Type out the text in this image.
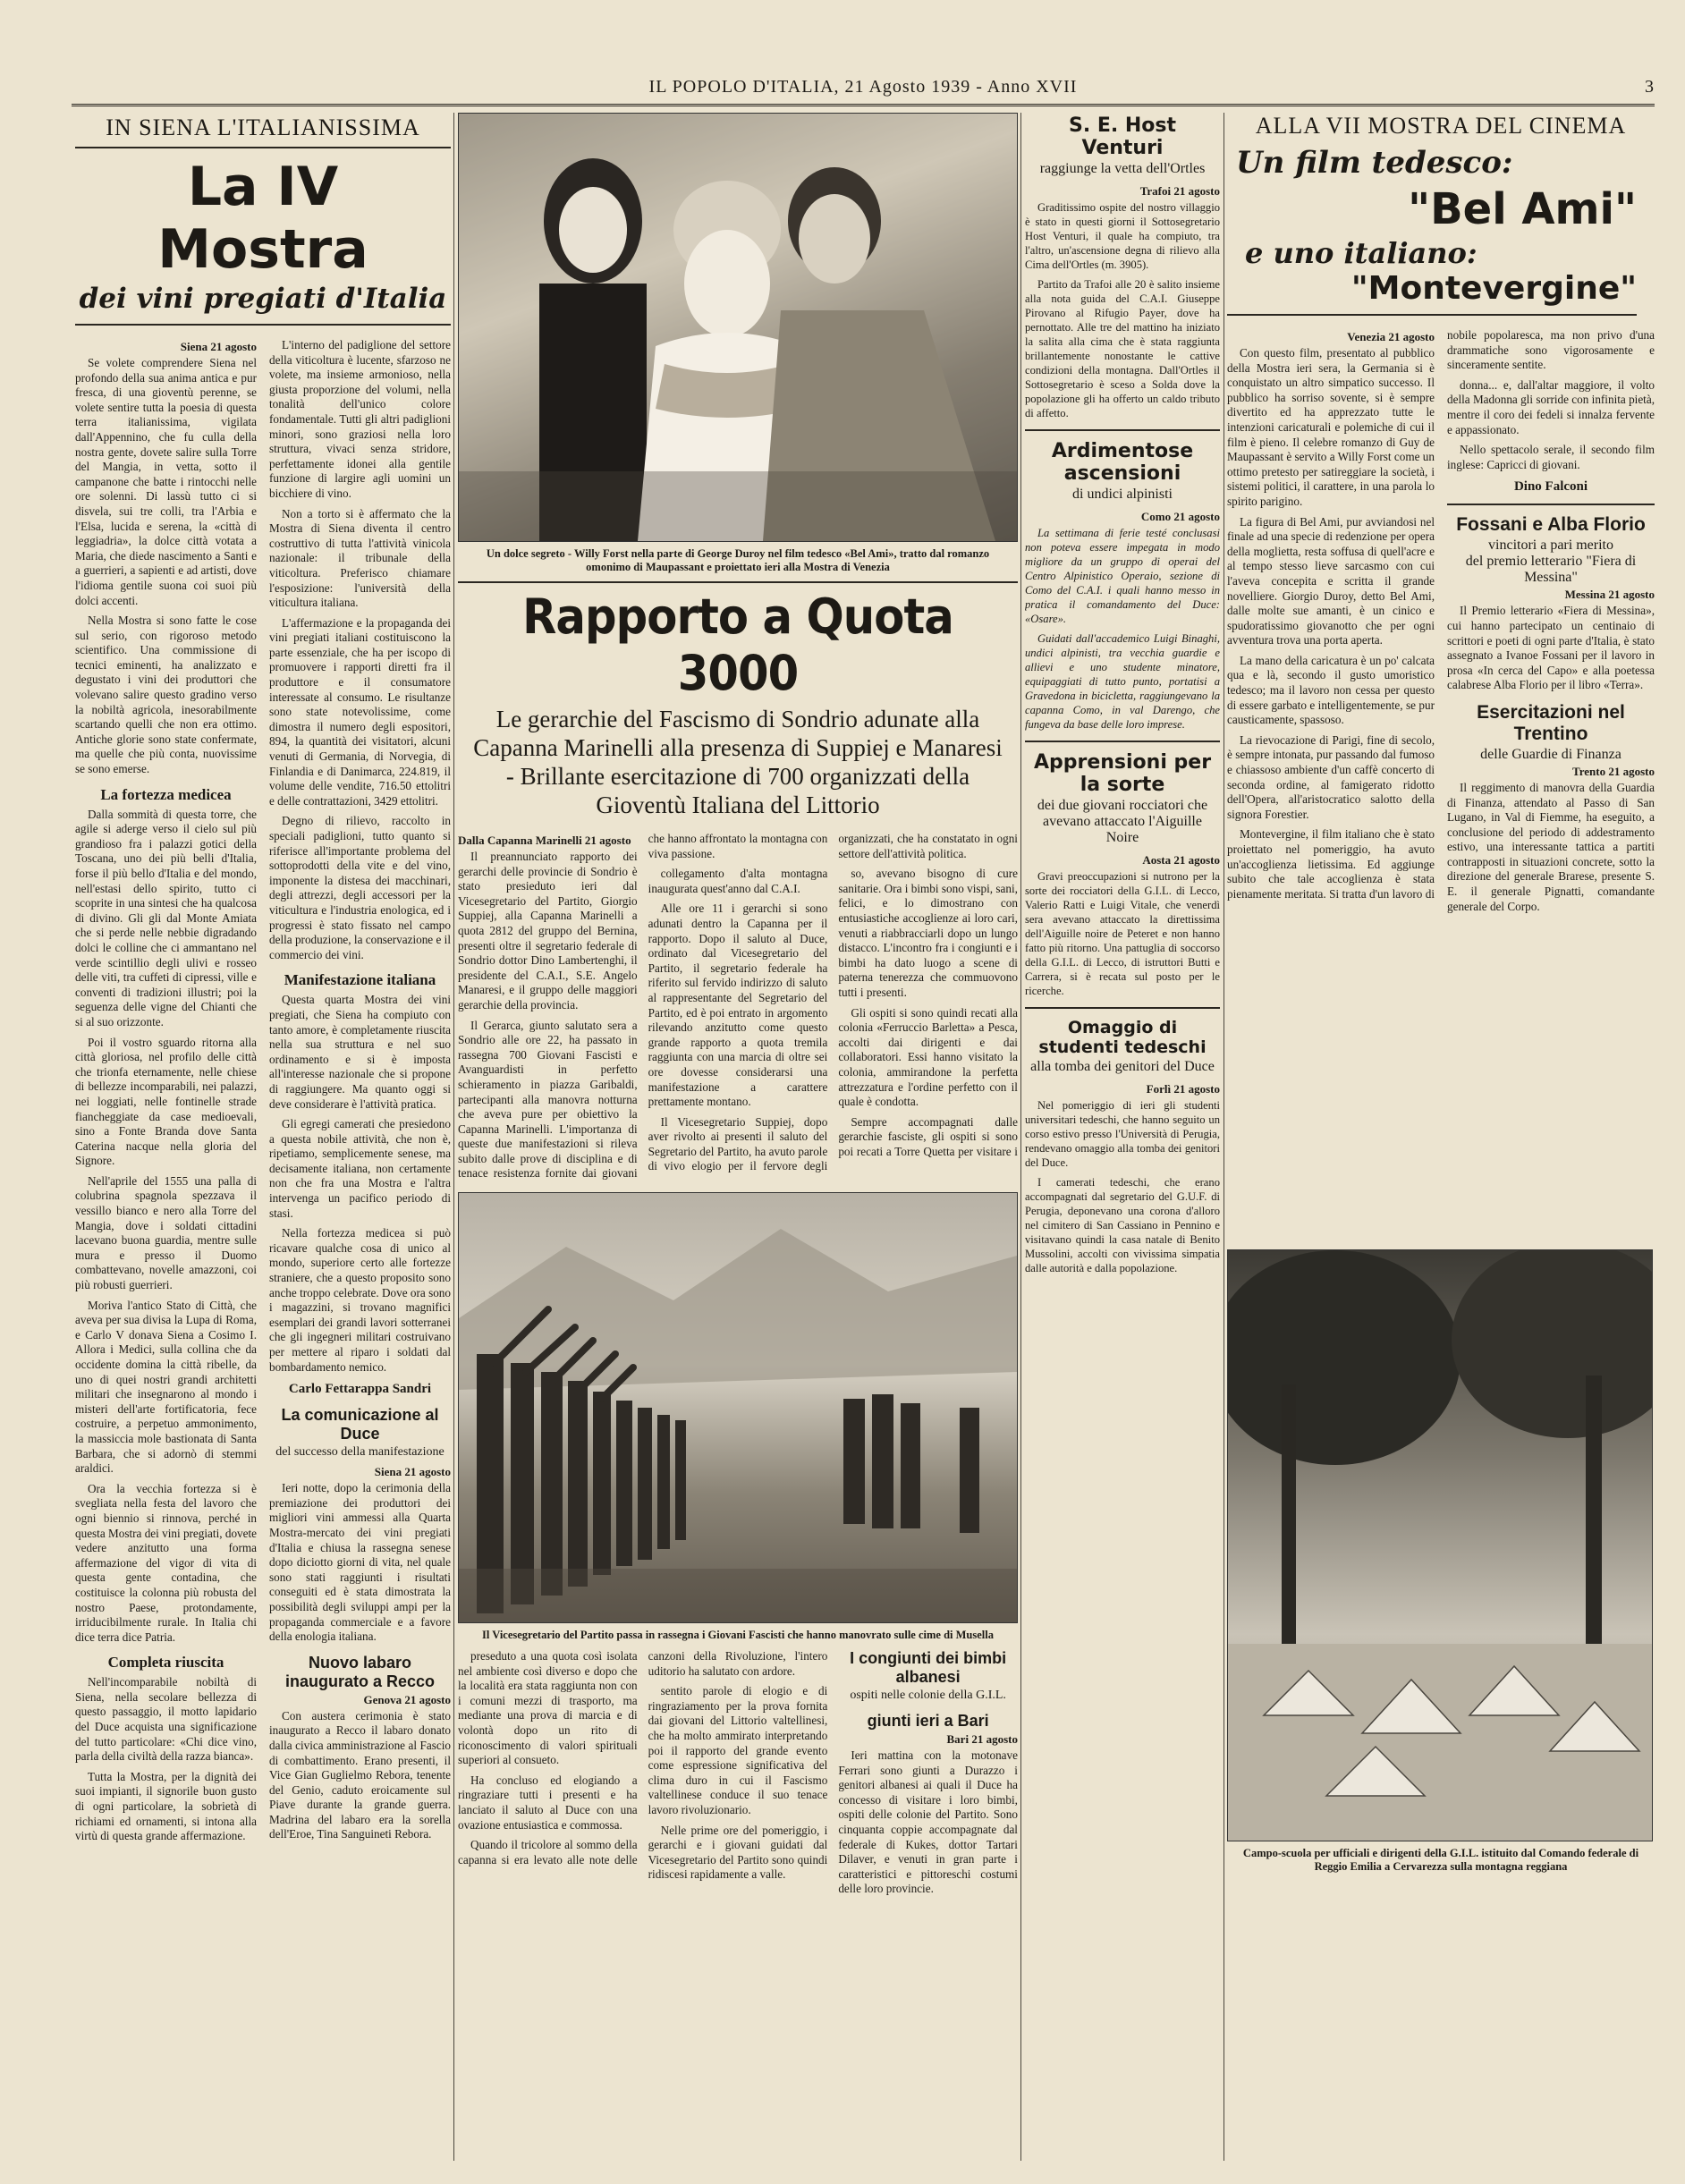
IL POPOLO D'ITALIA, 21 Agosto 1939 - Anno XVII	3
IN SIENA L'ITALIANISSIMA
La IV Mostra
dei vini pregiati d'Italia
Siena 21 agosto

Se volete comprendere Siena nel profondo della sua anima antica e pur fresca, di una gioventù perenne, se volete sentire tutta la poesia di questa terra italianissima, vigilata dall'Appennino, che fu culla della nostra gente, dovete salire sulla Torre del Mangia, in vetta, sotto il campanone che batte i rintocchi nelle ore solenni. Di lassù tutto ci si disvela, sui tre colli, tra l'Arbia e l'Elsa, lucida e serena, la «città di leggiadria», la dolce città votata a Maria, che diede nascimento a Santi e a guerrieri, a sapienti e ad artisti, dove l'idioma gentile suona coi suoi più dolci accenti.

Nella Mostra si sono fatte le cose sul serio, con rigoroso metodo scientifico. Una commissione di tecnici eminenti, ha analizzato e degustato i vini dei produttori che volevano salire questo gradino verso la nobiltà agricola, inesorabilmente scartando quelli che non era ottimo. Antiche glorie sono state confermate, ma quelle che più conta, nuovissime se sono emerse.

La fortezza medicea

Dalla sommità di questa torre, che agile si aderge verso il cielo sul più grandioso fra i palazzi gotici della Toscana, uno dei più belli d'Italia, forse il più bello d'Italia e del mondo, nell'estasi dello spirito, tutto ci scoprite in una sintesi che ha qualcosa di divino. Gli gli dal Monte Amiata che si perde nelle nebbie digradando dolci le colline che ci ammantano nel verde scintillio degli ulivi e rosseo delle viti, tra cuffeti di cipressi, ville e conventi di tradizioni illustri; poi la seguenza delle vigne del Chianti che si al suo orizzonte.

Poi il vostro sguardo ritorna alla città gloriosa, nel profilo delle città che trionfa eternamente, nelle chiese di bellezze incomparabili, nei palazzi, nei loggiati, nelle fontinelle strade fiancheggiate da case medioevali, sino a Fonte Branda dove Santa Caterina nacque nella gloria del Signore.

Nell'aprile del 1555 una palla di colubrina spagnola spezzava il vessillo bianco e nero alla Torre del Mangia, dove i soldati cittadini lacevano buona guardia, mentre sulle mura e presso il Duomo combattevano, novelle amazzoni, coi più robusti guerrieri.

Moriva l'antico Stato di Città, che aveva per sua divisa la Lupa di Roma, e Carlo V donava Siena a Cosimo I. Allora i Medici, sulla collina che da occidente domina la città ribelle, da uno di quei nostri grandi architetti militari che insegnarono al mondo i misteri dell'arte fortificatoria, fece costruire, a perpetuo ammonimento, la massiccia mole bastionata di Santa Barbara, che si adornò di stemmi araldici.

Ora la vecchia fortezza si è svegliata nella festa del lavoro che ogni biennio si rinnova, perché in questa Mostra dei vini pregiati, dovete vedere anzitutto una forma affermazione del vigor di vita di questa gente contadina, che costituisce la colonna più robusta del nostro Paese, protondamente, irriducibilmente rurale. In Italia chi dice terra dice Patria.

Completa riuscita

Nell'incomparabile nobiltà di Siena, nella secolare bellezza di questo passaggio, il motto lapidario del Duce acquista una significazione del tutto particolare: «Chi dice vino, parla della civiltà della razza bianca».

Tutta la Mostra, per la dignità dei suoi impianti, il signorile buon gusto di ogni particolare, la sobrietà di richiami ed ornamenti, si intona alla virtù di questa grande affermazione.

L'interno del padiglione del settore della viticoltura è lucente, sfarzoso ne volete, ma insieme armonioso, nella giusta proporzione del volumi, nella tonalità dell'unico colore fondamentale. Tutti gli altri padiglioni minori, sono graziosi nella loro struttura, vivaci senza stridore, perfettamente idonei alla gentile funzione di largire agli uomini un bicchiere di vino.

Non a torto si è affermato che la Mostra di Siena diventa il centro costruttivo di tutta l'attività vinicola nazionale: il tribunale della viticoltura. Preferisco chiamare l'esposizione: l'università della viticultura italiana.

L'affermazione e la propaganda dei vini pregiati italiani costituiscono la parte essenziale, che ha per iscopo di promuovere i rapporti diretti fra il produttore e il consumatore interessate al consumo. Le risultanze sono state notevolissime, come dimostra il numero degli espositori, 894, la quantità dei visitatori, alcuni venuti di Germania, di Norvegia, di Finlandia e di Danimarca, 224.819, il volume delle vendite, 716.50 ettolitri e delle contrattazioni, 3429 ettolitri.

Degno di rilievo, raccolto in speciali padiglioni, tutto quanto si riferisce all'importante problema del sottoprodotti della vite e del vino, imponente la distesa dei macchinari, degli attrezzi, degli accessori per la viticultura e l'industria enologica, ed i progressi è stato fissato nel campo della produzione, la conservazione e il commercio dei vini.

Manifestazione italiana

Questa quarta Mostra dei vini pregiati, che Siena ha compiuto con tanto amore, è completamente riuscita nella sua struttura e nel suo ordinamento e si è imposta all'interesse nazionale che si propone di raggiungere. Ma quanto oggi si deve considerare è l'attività pratica.

Gli egregi camerati che presiedono a questa nobile attività, che non è, ripetiamo, semplicemente senese, ma decisamente italiana, non certamente non che fra una Mostra e l'altra intervenga un pacifico periodo di stasi.

Nella fortezza medicea si può ricavare qualche cosa di unico al mondo, superiore certo alle fortezze straniere, che a questo proposito sono anche troppo celebrate. Dove ora sono i magazzini, si trovano magnifici esemplari dei grandi lavori sotterranei che gli ingegneri militari costruivano per mettere al riparo i soldati dal bombardamento nemico.

Carlo Fettarappa Sandri
La comunicazione al Duce
del successo della manifestazione
Siena 21 agosto

Ieri notte, dopo la cerimonia della premiazione dei produttori dei migliori vini ammessi alla Quarta Mostra-mercato dei vini pregiati d'Italia e chiusa la rassegna senese dopo diciotto giorni di vita, nel quale sono stati raggiunti i risultati conseguiti ed è stata dimostrata la possibilità degli sviluppi ampi per la propaganda commerciale e a favore della enologia italiana.

Nuovo labaro inaugurato a Recco
Genova 21 agosto

Con austera cerimonia è stato inaugurato a Recco il labaro donato dalla civica amministrazione al Fascio di combattimento. Erano presenti, il Vice Gian Guglielmo Rebora, tenente del Genio, caduto eroicamente sul Piave durante la grande guerra. Madrina del labaro era la sorella dell'Eroe, Tina Sanguineti Rebora.

Un dolce segreto - Willy Forst nella parte di George Duroy nel film tedesco «Bel Ami», tratto dal romanzo omonimo di Maupassant e proiettato ieri alla Mostra di Venezia
Rapporto a Quota 3000
Le gerarchie del Fascismo di Sondrio adunate alla Capanna Marinelli alla presenza di Suppiej e Manaresi - Brillante esercitazione di 700 organizzati della Gioventù Italiana del Littorio
Dalla Capanna Marinelli 21 agosto

Il preannunciato rapporto dei gerarchi delle provincie di Sondrio è stato presieduto ieri dal Vicesegretario del Partito, Giorgio Suppiej, alla Capanna Marinelli a quota 2812 del gruppo del Bernina, presenti oltre il segretario federale di Sondrio dottor Dino Lambertenghi, il presidente del C.A.I., S.E. Angelo Manaresi, e il gruppo delle maggiori gerarchie della provincia.

Il Gerarca, giunto salutato sera a Sondrio alle ore 22, ha passato in rassegna 700 Giovani Fascisti e Avanguardisti in perfetto schieramento in piazza Garibaldi, partecipanti alla manovra notturna che aveva pure per obiettivo la Capanna Marinelli. L'importanza di queste due manifestazioni si rileva subito dalle prove di disciplina e di tenace resistenza fornite dai giovani che hanno affrontato la montagna con viva passione.

collegamento d'alta montagna inaugurata quest'anno dal C.A.I.

Alle ore 11 i gerarchi si sono adunati dentro la Capanna per il rapporto. Dopo il saluto al Duce, ordinato dal Vicesegretario del Partito, il segretario federale ha riferito sul fervido indirizzo di saluto al rappresentante del Segretario del Partito, ed è poi entrato in argomento rilevando anzitutto come questo grande rapporto a quota tremila raggiunta con una marcia di oltre sei ore dovesse considerarsi una manifestazione a carattere prettamente montano.

Il Vicesegretario Suppiej, dopo aver rivolto ai presenti il saluto del Segretario del Partito, ha avuto parole di vivo elogio per il fervore degli organizzati, che ha constatato in ogni settore dell'attività politica.

so, avevano bisogno di cure sanitarie. Ora i bimbi sono vispi, sani, felici, e lo dimostrano con entusiastiche accoglienze ai loro cari, venuti a riabbracciarli dopo un lungo distacco. L'incontro fra i congiunti e i bimbi ha dato luogo a scene di paterna tenerezza che commuovono tutti i presenti.

Gli ospiti si sono quindi recati alla colonia «Ferruccio Barletta» a Pesca, accolti dai dirigenti e dai collaboratori. Essi hanno visitato la colonia, ammirandone la perfetta attrezzatura e l'ordine perfetto con il quale è condotta.

Sempre accompagnati dalle gerarchie fasciste, gli ospiti si sono poi recati a Torre Quetta per visitare i

Il Vicesegretario del Partito passa in rassegna i Giovani Fascisti che hanno manovrato sulle cime di Musella

preseduto a una quota così isolata nel ambiente così diverso e dopo che la località era stata raggiunta non con i comuni mezzi di trasporto, ma mediante una prova di marcia e di volontà dopo un rito di riconoscimento di valori spirituali superiori al consueto.

Ha concluso ed elogiando a ringraziare tutti i presenti e ha lanciato il saluto al Duce con una ovazione entusiastica e commossa.

Quando il tricolore al sommo della capanna si era levato alle note delle canzoni della Rivoluzione, l'intero uditorio ha salutato con ardore.

sentito parole di elogio e di ringraziamento per la prova fornita dai giovani del Littorio valtellinesi, che ha molto ammirato interpretando poi il rapporto del grande evento come espressione significativa del clima duro in cui il Fascismo valtellinese conduce il suo tenace lavoro rivoluzionario.

Nelle prime ore del pomeriggio, i gerarchi e i giovani guidati dal Vicesegretario del Partito sono quindi ridiscesi rapidamente a valle.

I congiunti dei bimbi albanesi
ospiti nelle colonie della G.I.L.
giunti ieri a Bari
Bari 21 agosto

Ieri mattina con la motonave Ferrari sono giunti a Durazzo i genitori albanesi ai quali il Duce ha concesso di visitare i loro bimbi, ospiti delle colonie del Partito. Sono cinquanta coppie accompagnate dal federale di Kukes, dottor Tartari Dilaver, e venuti in gran parte i caratteristici e pittoreschi costumi delle loro provincie.

S. E. Host Venturi
raggiunge la vetta dell'Ortles
Trafoi 21 agosto

Graditissimo ospite del nostro villaggio è stato in questi giorni il Sottosegretario Host Venturi, il quale ha compiuto, tra l'altro, un'ascensione degna di rilievo alla Cima dell'Ortles (m. 3905).

Partito da Trafoi alle 20 è salito insieme alla nota guida del C.A.I. Giuseppe Pirovano al Rifugio Payer, dove ha pernottato. Alle tre del mattino ha iniziato la salita alla cima che è stata raggiunta brillantemente nonostante le cattive condizioni della montagna. Dall'Ortles il Sottosegretario è sceso a Solda dove la popolazione gli ha offerto un caldo tributo di affetto.

Ardimentose ascensioni
di undici alpinisti
Como 21 agosto

La settimana di ferie testé conclusasi non poteva essere impegata in modo migliore da un gruppo di operai del Centro Alpinistico Operaio, sezione di Como del C.A.I. i quali hanno messo in pratica il comandamento del Duce: «Osare».

Guidati dall'accademico Luigi Binaghi, undici alpinisti, tra vecchia guardie e allievi e uno studente minatore, equipaggiati di tutto punto, portatisi a Gravedona in bicicletta, raggiungevano la capanna Como, in val Darengo, che fungeva da base delle loro imprese.

Apprensioni per la sorte
dei due giovani rocciatori che avevano attaccato l'Aiguille Noire
Aosta 21 agosto

Gravi preoccupazioni si nutrono per la sorte dei rocciatori della G.I.L. di Lecco, Valerio Ratti e Luigi Vitale, che venerdì sera avevano attaccato la direttissima dell'Aiguille noire de Peteret e non hanno fatto più ritorno. Una pattuglia di soccorso della G.I.L. di Lecco, di istruttori Butti e Carrera, si è recata sul posto per le ricerche.

Omaggio di studenti tedeschi
alla tomba dei genitori del Duce
Forlì 21 agosto

Nel pomeriggio di ieri gli studenti universitari tedeschi, che hanno seguito un corso estivo presso l'Università di Perugia, rendevano omaggio alla tomba dei genitori del Duce.

I camerati tedeschi, che erano accompagnati dal segretario del G.U.F. di Perugia, deponevano una corona d'alloro nel cimitero di San Cassiano in Pennino e visitavano quindi la casa natale di Benito Mussolini, accolti con vivissima simpatia dalle autorità e dalla popolazione.

ALLA VII MOSTRA DEL CINEMA
Un film tedesco:
"Bel Ami"
e uno italiano:
"Montevergine"
Venezia 21 agosto

Con questo film, presentato al pubblico della Mostra ieri sera, la Germania si è conquistato un altro simpatico successo. Il pubblico ha sorriso sovente, si è sempre divertito ed ha apprezzato tutte le intenzioni caricaturali e polemiche di cui il film è pieno. Il celebre romanzo di Guy de Maupassant è servito a Willy Forst come un ottimo pretesto per satireggiare la società, i sistemi politici, il carattere, in una parola lo spirito parigino.

La figura di Bel Ami, pur avviandosi nel finale ad una specie di redenzione per opera della moglietta, resta soffusa di quell'acre e al tempo stesso lieve sarcasmo con cui l'aveva concepita e scritta il grande novelliere. Giorgio Duroy, detto Bel Ami, dalle molte sue amanti, è un cinico e spudoratissimo giovanotto che per ogni avventura trova una porta aperta.

La mano della caricatura è un po' calcata qua e là, secondo il gusto umoristico tedesco; ma il lavoro non cessa per questo di essere garbato e intelligentemente, se pur causticamente, spassoso.

La rievocazione di Parigi, fine di secolo, è sempre intonata, pur passando dal fumoso e chiassoso ambiente d'un caffè concerto di seconda ordine, al famigerato ridotto dell'Opera, all'aristocratico salotto della signora Forestier.

Montevergine, il film italiano che è stato proiettato nel pomeriggio, ha avuto un'accoglienza lietissima. Ed aggiunge subito che tale accoglienza è stata pienamente meritata. Si tratta d'un lavoro di nobile popolaresca, ma non privo d'una drammatiche sono vigorosamente e sinceramente sentite.

donna... e, dall'altar maggiore, il volto della Madonna gli sorride con infinita pietà, mentre il coro dei fedeli si innalza fervente e appassionato.

Nello spettacolo serale, il secondo film inglese: Capricci di giovani.

Dino Falconi
Fossani e Alba Florio
vincitori a pari merito
del premio letterario "Fiera di Messina"
Messina 21 agosto

Il Premio letterario «Fiera di Messina», cui hanno partecipato un centinaio di scrittori e poeti di ogni parte d'Italia, è stato assegnato a Ivanoe Fossani per il lavoro in prosa «In cerca del Capo» e alla poetessa calabrese Alba Florio per il libro «Terra».

Esercitazioni nel Trentino
delle Guardie di Finanza
Trento 21 agosto

Il reggimento di manovra della Guardia di Finanza, attendato al Passo di San Lugano, in Val di Fiemme, ha eseguito, a conclusione del periodo di addestramento estivo, una interessante tattica a partiti contrapposti in situazioni concrete, sotto la direzione del generale Brarese, presente S. E. il generale Pignatti, comandante generale del Corpo.

Campo-scuola per ufficiali e dirigenti della G.I.L. istituito dal Comando federale di Reggio Emilia a Cervarezza sulla montagna reggiana
